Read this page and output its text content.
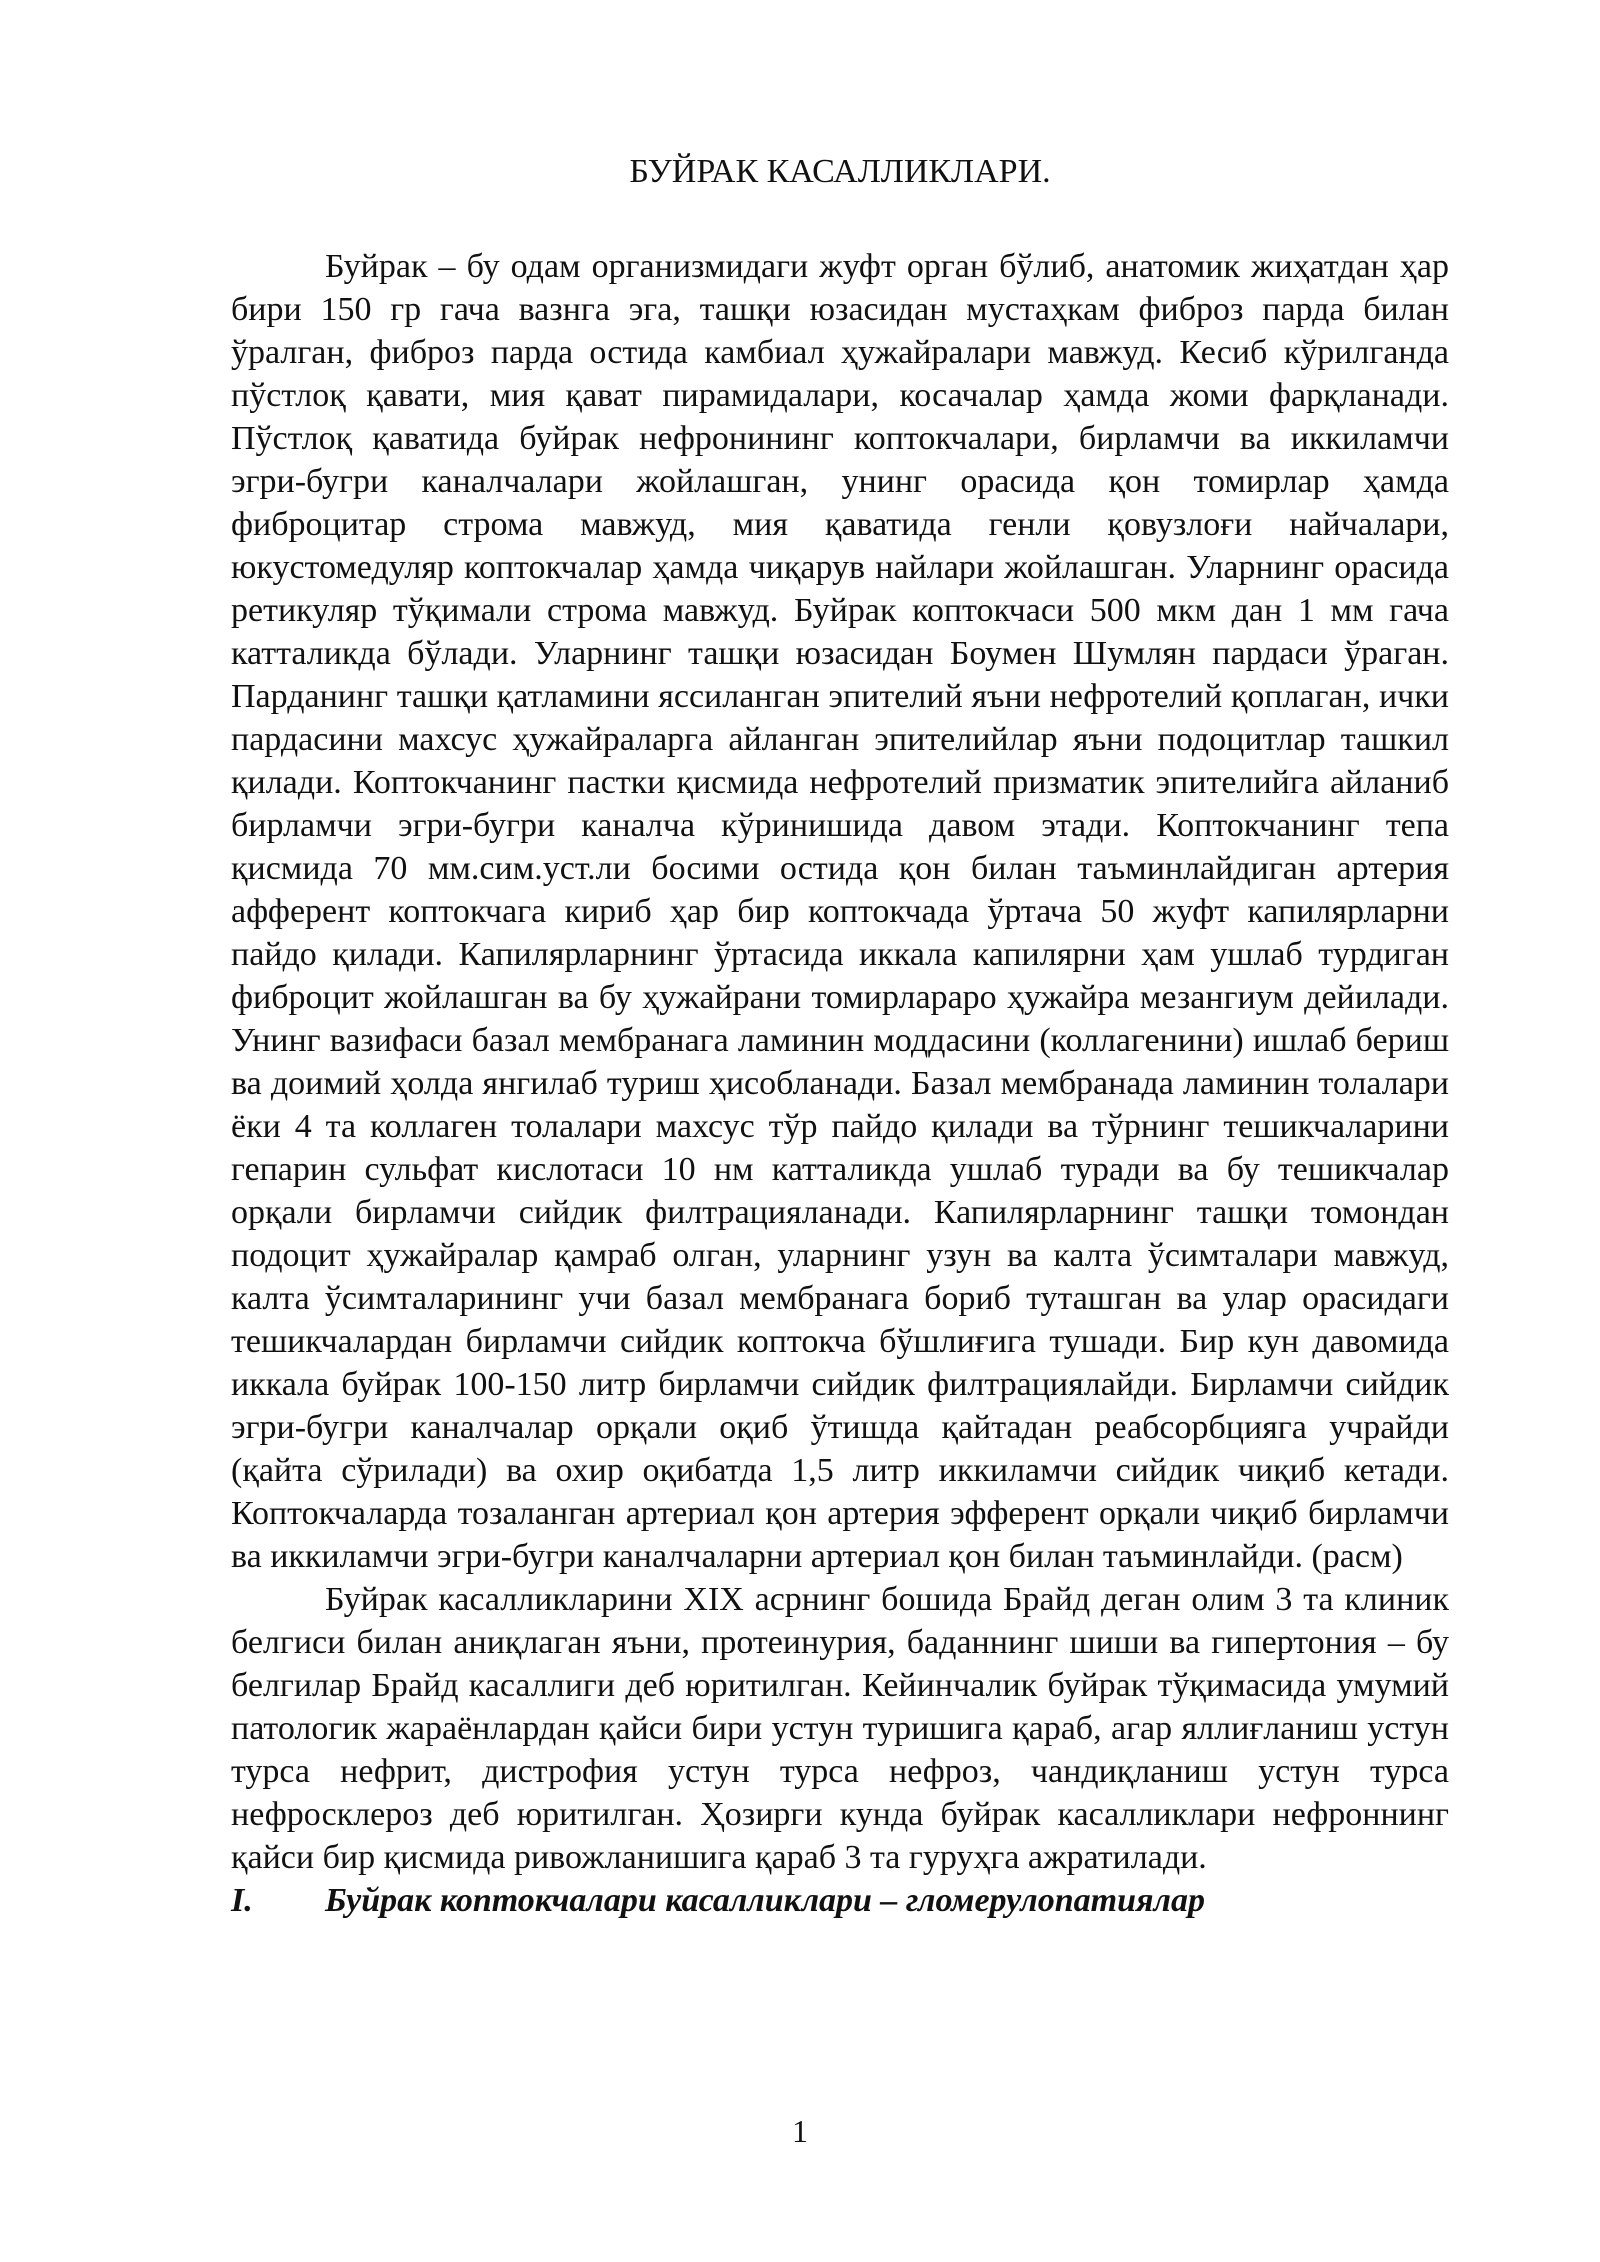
БУЙРАК КАСАЛЛИКЛАРИ.

Буйрак – бу одам организмидаги жуфт орган бўлиб, анатомик жиҳатдан ҳар бири 150 гр гача вазнга эга, ташқи юзасидан мустаҳкам фиброз парда билан ўралган, фиброз парда остида камбиал ҳужайралари мавжуд. Кесиб кўрилганда пўстлоқ қавати, мия қават пирамидалари, косачалар ҳамда жоми фарқланади. Пўстлоқ қаватида буйрак нефронининг коптокчалари, бирламчи ва иккиламчи эгри-бугри каналчалари жойлашган, унинг орасида қон томирлар ҳамда фиброцитар строма мавжуд, мия қаватида генли қовузлоғи найчалари, юкустомедуляр коптокчалар ҳамда чиқарув найлари жойлашган. Уларнинг орасида ретикуляр тўқимали строма мавжуд. Буйрак коптокчаси 500 мкм дан 1 мм гача катталикда бўлади. Уларнинг ташқи юзасидан Боумен Шумлян пардаси ўраган. Парданинг ташқи қатламини яссиланган эпителий яъни нефротелий қоплаган, ички пардасини махсус ҳужайраларга айланган эпителийлар яъни подоцитлар ташкил қилади. Коптокчанинг пастки қисмида нефротелий призматик эпителийга айланиб бирламчи эгри-бугри каналча кўринишида давом этади. Коптокчанинг тепа қисмида 70 мм.сим.уст.ли босими остида қон билан таъминлайдиган артерия афферент коптокчага кириб ҳар бир коптокчада ўртача 50 жуфт капилярларни пайдо қилади. Капилярларнинг ўртасида иккала капилярни ҳам ушлаб турдиган фиброцит жойлашган ва бу ҳужайрани томирлараро ҳужайра мезангиум дейилади. Унинг вазифаси базал мембранага ламинин моддасини (коллагенини) ишлаб бериш ва доимий ҳолда янгилаб туриш ҳисобланади. Базал мембранада ламинин толалари ёки 4 та коллаген толалари махсус тўр пайдо қилади ва тўрнинг тешикчаларини гепарин сульфат кислотаси 10 нм катталикда ушлаб туради ва бу тешикчалар орқали бирламчи сийдик филтрацияланади. Капилярларнинг ташқи томондан подоцит ҳужайралар қамраб олган, уларнинг узун ва калта ўсимталари мавжуд, калта ўсимталарининг учи базал мембранага бориб туташган ва улар орасидаги тешикчалардан бирламчи сийдик коптокча бўшлиғига тушади. Бир кун давомида иккала буйрак 100-150 литр бирламчи сийдик филтрациялайди. Бирламчи сийдик эгри-бугри каналчалар орқали оқиб ўтишда қайтадан реабсорбцияга учрайди (қайта сўрилади) ва охир оқибатда 1,5 литр иккиламчи сийдик чиқиб кетади. Коптокчаларда тозаланган артериал қон артерия эфферент орқали чиқиб бирламчи ва иккиламчи эгри-бугри каналчаларни артериал қон билан таъминлайди. (расм)

Буйрак касалликларини XIX асрнинг бошида Брайд деган олим 3 та клиник белгиси билан аниқлаган яъни, протеинурия, баданнинг шиши ва гипертония – бу белгилар Брайд касаллиги деб юритилган. Кейинчалик буйрак тўқимасида умумий патологик жараёнлардан қайси бири устун туришига қараб, агар яллиғланиш устун турса нефрит, дистрофия устун турса нефроз, чандиқланиш устун турса нефросклероз деб юритилган. Ҳозирги кунда буйрак касалликлари нефроннинг қайси бир қисмида ривожланишига қараб 3 та гуруҳга ажратилади.

I.	Буйрак коптокчалари касалликлари – гломерулопатиялар
1
